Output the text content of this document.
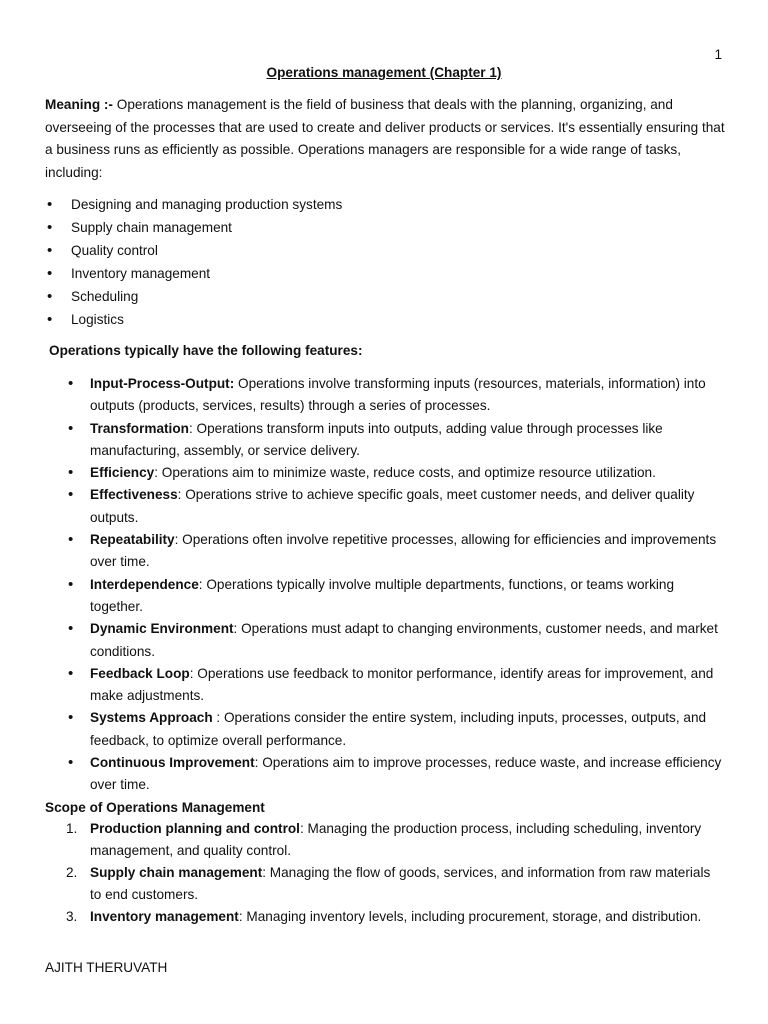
1
Operations management (Chapter 1)

Meaning :- Operations management is the field of business that deals with the planning, organizing, and overseeing of the processes that are used to create and deliver products or services. It's essentially ensuring that a business runs as efficiently as possible. Operations managers are responsible for a wide range of tasks, including:

• Designing and managing production systems
• Supply chain management
• Quality control
• Inventory management
• Scheduling
• Logistics
Operations typically have the following features:
• Input-Process-Output: Operations involve transforming inputs (resources, materials, information) into outputs (products, services, results) through a series of processes.
• Transformation: Operations transform inputs into outputs, adding value through processes like manufacturing, assembly, or service delivery.
• Efficiency: Operations aim to minimize waste, reduce costs, and optimize resource utilization.
• Effectiveness: Operations strive to achieve specific goals, meet customer needs, and deliver quality outputs.
• Repeatability: Operations often involve repetitive processes, allowing for efficiencies and improvements over time.
• Interdependence: Operations typically involve multiple departments, functions, or teams working together.
• Dynamic Environment: Operations must adapt to changing environments, customer needs, and market conditions.
• Feedback Loop: Operations use feedback to monitor performance, identify areas for improvement, and make adjustments.
• Systems Approach : Operations consider the entire system, including inputs, processes, outputs, and feedback, to optimize overall performance.
• Continuous Improvement: Operations aim to improve processes, reduce waste, and increase efficiency over time.
Scope of Operations Management
1. Production planning and control: Managing the production process, including scheduling, inventory management, and quality control.
2. Supply chain management: Managing the flow of goods, services, and information from raw materials to end customers.
3. Inventory management: Managing inventory levels, including procurement, storage, and distribution.
AJITH THERUVATH
